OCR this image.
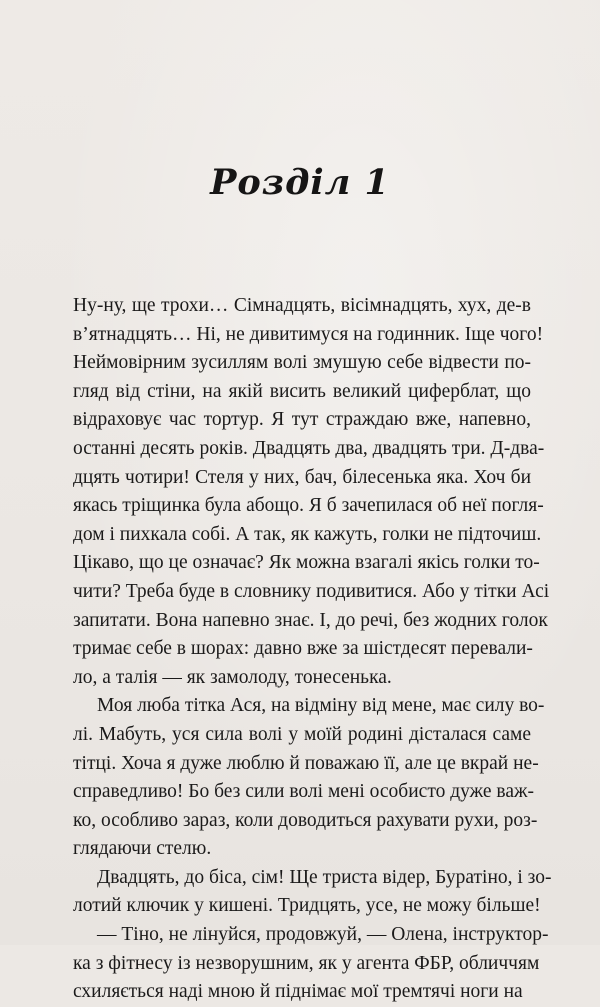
Розділ 1
Ну-ну, ще трохи… Сімнадцять, вісімнадцять, хух, де-в
в’ятнадцять… Ні, не дивитимуся на годинник. Іще чого!
Неймовірним зусиллям волі змушую себе відвести по-
гляд від стіни, на якій висить великий циферблат, що
відраховує час тортур. Я тут страждаю вже, напевно,
останні десять років. Двадцять два, двадцять три. Д-два-
дцять чотири! Стеля у них, бач, білесенька яка. Хоч би
якась тріщинка була абощо. Я б зачепилася об неї погля-
дом і пихкала собі. А так, як кажуть, голки не підточиш.
Цікаво, що це означає? Як можна взагалі якісь голки то-
чити? Треба буде в словнику подивитися. Або у тітки Асі
запитати. Вона напевно знає. І, до речі, без жодних голок
тримає себе в шорах: давно вже за шістдесят перевали-
ло, а талія — як замолоду, тонесенька.
Моя люба тітка Ася, на відміну від мене, має силу во-
лі. Мабуть, уся сила волі у моїй родині дісталася саме
тітці. Хоча я дуже люблю й поважаю її, але це вкрай не-
справедливо! Бо без сили волі мені особисто дуже важ-
ко, особливо зараз, коли доводиться рахувати рухи, роз-
глядаючи стелю.
Двадцять, до біса, сім! Ще триста відер, Буратіно, і зо-
лотий ключик у кишені. Тридцять, усе, не можу більше!
— Тіно, не лінуйся, продовжуй, — Олена, інструктор-
ка з фітнесу із незворушним, як у агента ФБР, обличчям
схиляється наді мною й піднімає мої тремтячі ноги на
